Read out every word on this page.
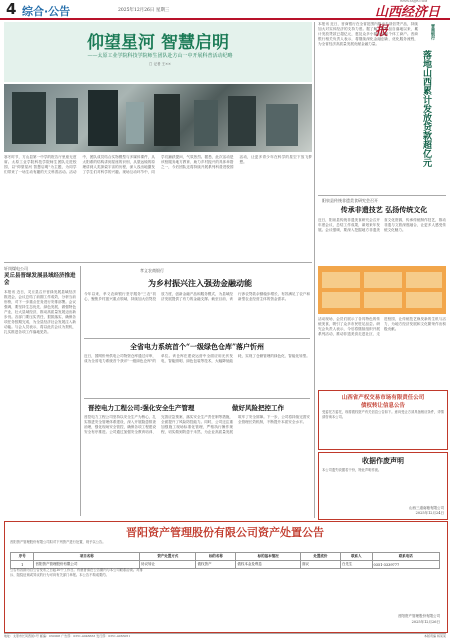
4 综合·公告	2025年12月26日 星期三
WWW.SXJJB.COM
山西经济日报
仰望星河 智慧启明
——太原工业学院科技学院师生团队赴方山一中开展科普活动纪略
□ 记者 王××
寒冬时节，方山县第一中学的报告厅里座无虚席。太原工业学院科技学院师生团队走进校园，以"仰望星河 智慧启明"为主题，为同学们带来了一场生动有趣的天文科普活动。活动中，团队成员结合实物模型与多媒体课件，从太阳系的结构讲到星座的识别，从望远镜的原理讲到人类探索宇宙的历程，深入浅出地激发了学生们对科学的兴趣。现场互动环节中，同学们踊跃提问，气氛热烈。据悉，此次活动是该校服务地方教育、助力乡村振兴的具体举措之一，今后团队还将持续开展系列科普进校园活动，让更多青少年在科学的星空下放飞梦想。
轩岗煤电公司
灵丘县晋绿发展县域经济推进会
本报讯 近日，灵丘县召开晋绿发展县域经济推进会，会议总结了前期工作成效，分析当前形势，对下一步重点任务进行安排部署。会议强调，要坚持生态优先、绿色发展，做强特色产业，壮大县域经济，推动高质量发展迈出新步伐。各部门要压实责任，狠抓落实，确保各项任务按期完成，为全县经济社会发展注入新动能。与会人员表示，将以此次会议为契机，扎实推进各项工作落地见效。
孝义农商银行
为乡村振兴注入强劲金融动能
今年以来，孝义农商银行坚守服务"三农"初心，聚焦乡村振兴重点领域，持续加大信贷投放力度，创新金融产品和服务模式，为县域经济发展提供了有力的金融支撑。截至目前，该行涉农贷款余额稳步增长，有效满足了农户和新型农业经营主体的资金需求。
全省电力系统首个“一级绿色仓库”落户忻州
近日，国网忻州供电公司物资仓库通过评审，成为全省电力系统首个获评"一级绿色仓库"的单位。该仓库在建设运营中全面应用光伏发电、智能照明、绿色包装等技术，大幅降低能耗，实现了仓储管理的绿色化、智能化转型。
晋控电力工程公司:强化安全生产管理	做好风险把控工作
晋控电力工程公司坚持以安全生产为核心，扎实推进安全管理体系建设，深入开展隐患排查治理，强化现场安全管控，确保各项工程建设安全有序推进。公司通过加强安全教育培训、完善应急预案、落实安全生产责任制等措施，全面提升了风险防控能力。同时，公司还注重加强施工现场标准化管理，严格执行操作规程，切实做到防患于未然，为企业高质量发展筑牢了安全屏障。下一步，公司将持续完善安全管理长效机制，不断提升本质安全水平。
本报讯 近日，晋商银行在全省范围内推出专项信贷产品，持续加大对实体经济的支持力度。据了解，该产品自落地以来，累计发放贷款已超亿元，惠及众多小微企业和个体工商户。晋商银行相关负责人表示，将继续深化金融创新，优化服务流程，为全省经济高质量发展贡献金融力量。
晋商银行
落地山西累计发放贷款超亿元
阳泉县传统非遗美食研究会召开
传承非遗技艺 弘扬传统文化
近日，阳泉县传统非遗美食研究会召开年度会议，总结工作成果，谋划来年发展。会议强调，要深入挖掘地方非遗美食文化资源，传承传统制作技艺，推动非遗与文旅深度融合，让更多人感受传统文化魅力。
活动现场，会员们展示了各具特色的传统美食，吸引了众多市民驻足品尝。研究会负责人表示，今后将继续组织开展系列活动，推动非遗美食走进社区、走进校园，让传统技艺焕发新的生机与活力，为地方经济发展和文化繁荣作出积极贡献。
山西省产权交易市场有限责任公司
债权转让信息公告
受委托方委托，现将债权资产有关信息公告如下。意向受让方须具备相应条件，详情请咨询本公司。
收据作废声明
本公司遗失收据若干份，特此声明作废。
山西三道南粮有限公司
2025年12月24日
晋阳资产管理股份有限公司资产处置公告
晋阳资产管理股份有限公司拟对下列资产进行处置，现予以公告。
序号	项目名称	资产处置方式	标的名称	标的基本情况	处置底价	联系人	联系电话
1	晋阳资产管理股份有限公司	协议转让	债权资产	债权本金及利息	面议	白先生	0351-3339777
公告有效期为自公告发布之日起10个工作日。有意者请在公告期内与本公司联系洽谈。对排斥、阻挠征询或异议的行为可向有关部门举报。本公告不构成要约。
晋阳资产管理股份有限公司
2025年12月26日
地址：太原市长风西街1号 邮编：030006 广告部：0351-4046663 发行部：0351-4063051	本版责编 杨某某
